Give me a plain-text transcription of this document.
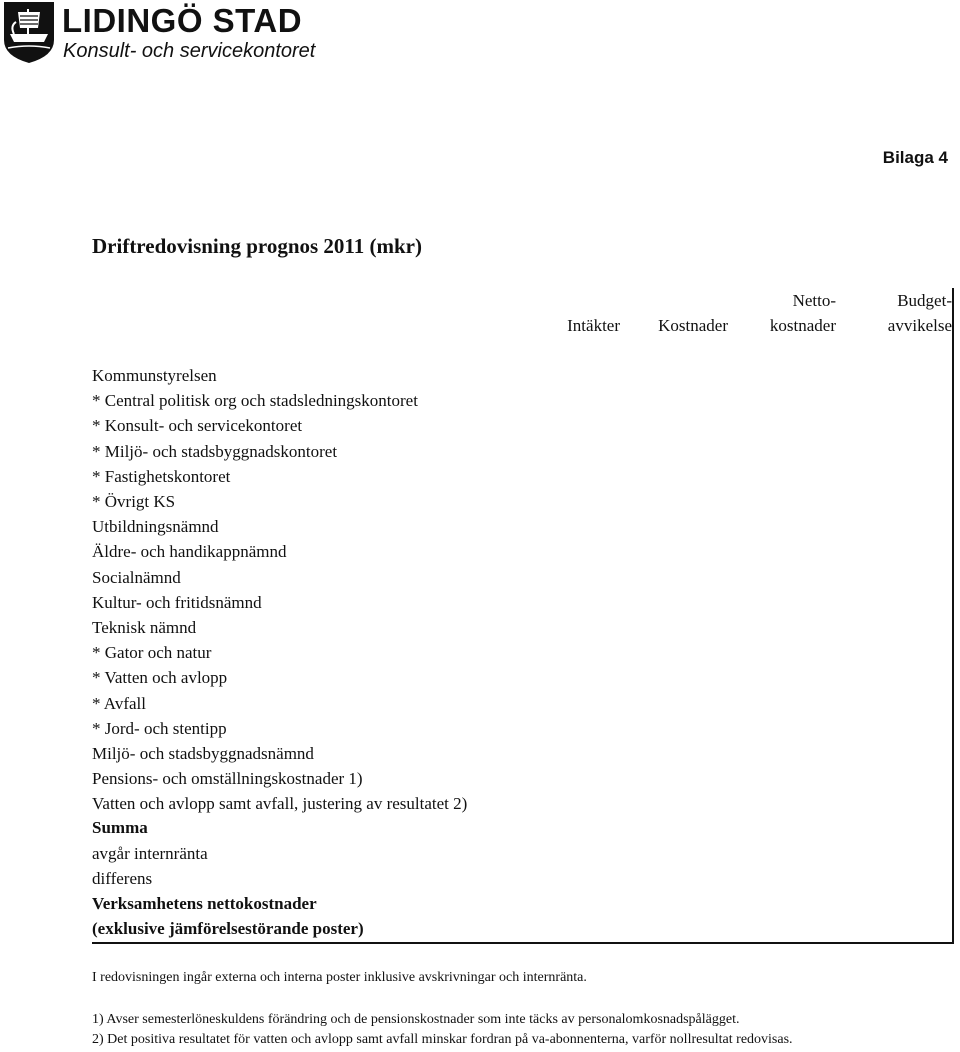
LIDINGÖ STAD
Konsult- och servicekontoret
Bilaga 4
Driftredovisning prognos 2011 (mkr)

Intäkter
	Kostnader
Netto-
kostnader
Budget-
avvikelse
Kommunstyrelsen
* Central politisk org och stadsledningskontoret
* Konsult- och servicekontoret
* Miljö- och stadsbyggnadskontoret
* Fastighetskontoret
* Övrigt KS
Utbildningsnämnd
Äldre- och handikappnämnd
Socialnämnd
Kultur- och fritidsnämnd
Teknisk nämnd
* Gator och natur
* Vatten och avlopp
* Avfall
* Jord- och stentipp
Miljö- och stadsbyggnadsnämnd
Pensions- och omställningskostnader 1)
Vatten och avlopp samt avfall, justering av resultatet 2)
Summa
avgår internränta
differens
Verksamhetens nettokostnader
(exklusive jämförelsestörande poster)
I redovisningen ingår externa och interna poster inklusive avskrivningar och internränta.
1) Avser semesterlöneskuldens förändring och de pensionskostnader som inte täcks av personalomkosnadspålägget.
2) Det positiva resultatet för vatten och avlopp samt avfall minskar fordran på va-abonnenterna, varför nollresultat redovisas.
